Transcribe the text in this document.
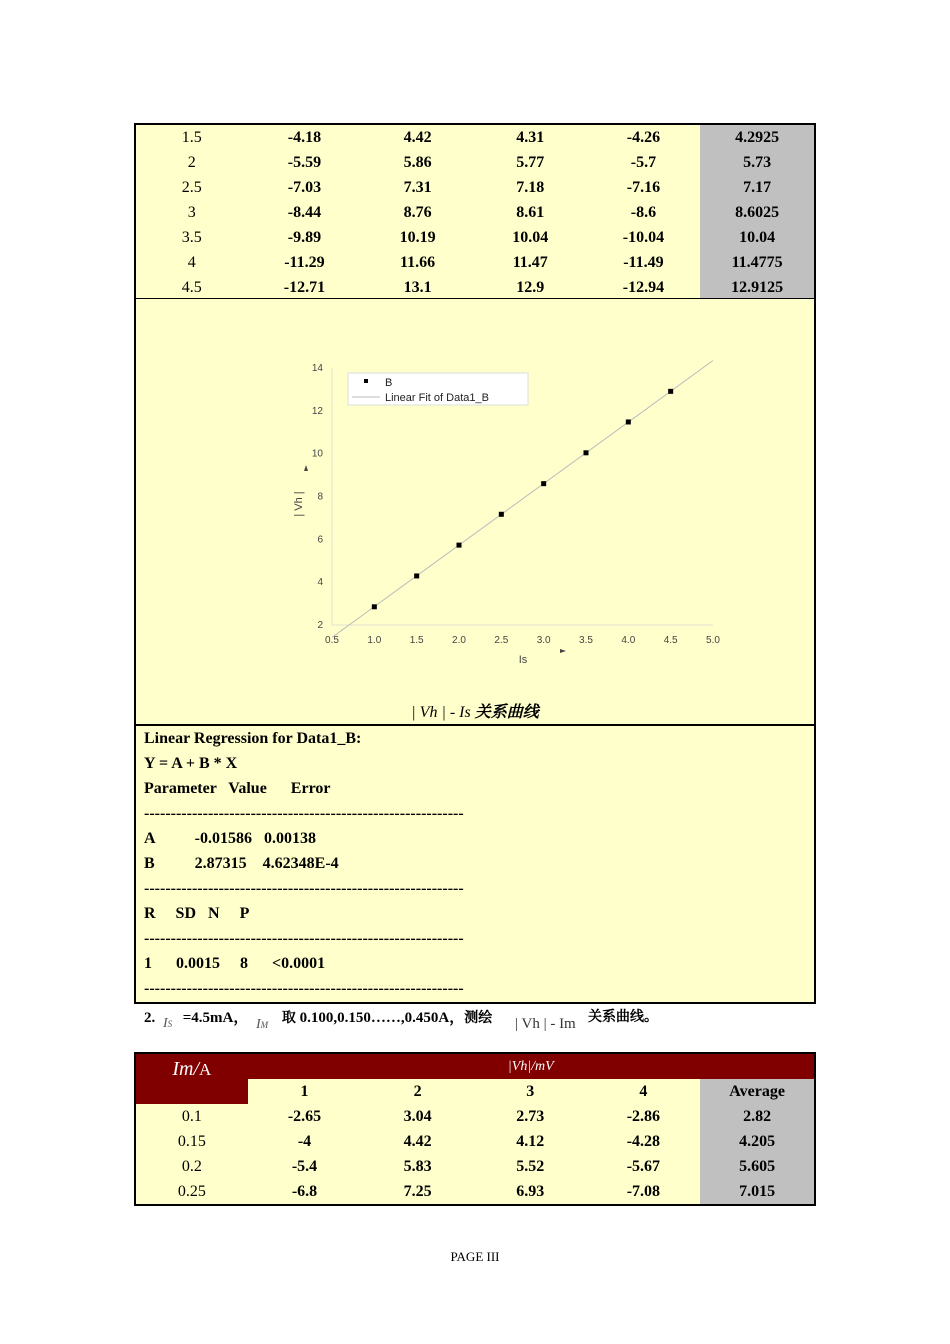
1.5	-4.18	4.42	4.31	-4.26	4.2925
2	-5.59	5.86	5.77	-5.7	5.73
2.5	-7.03	7.31	7.18	-7.16	7.17
3	-8.44	8.76	8.61	-8.6	8.6025
3.5	-9.89	10.19	10.04	-10.04	10.04
4	-11.29	11.66	11.47	-11.49	11.4775
4.5	-12.71	13.1	12.9	-12.94	12.9125
0.5	1.0	1.5	2.0	2.5	3.0	3.5	4.0	4.5	5.0
2
4
6
8
10
12
14
Is
| Vh |
B
Linear Fit of Data1_B
| Vh | - Is 关系曲线
Linear Regression for Data1_B:
Y = A + B * X
Parameter   Value      Error
------------------------------------------------------------
A          -0.01586   0.00138
B          2.87315    4.62348E-4
------------------------------------------------------------
R     SD   N     P
------------------------------------------------------------
1      0.0015     8      <0.0001
------------------------------------------------------------
2. =4.5mA， 取 0.100,0.150……,0.450A，测绘
IS	IM	| Vh | - Im 关系曲线。
Im/A	|Vh|/mV				
	1	2	3	4	Average
0.1	-2.65	3.04	2.73	-2.86	2.82
0.15	-4	4.42	4.12	-4.28	4.205
0.2	-5.4	5.83	5.52	-5.67	5.605
0.25	-6.8	7.25	6.93	-7.08	7.015
PAGE III
